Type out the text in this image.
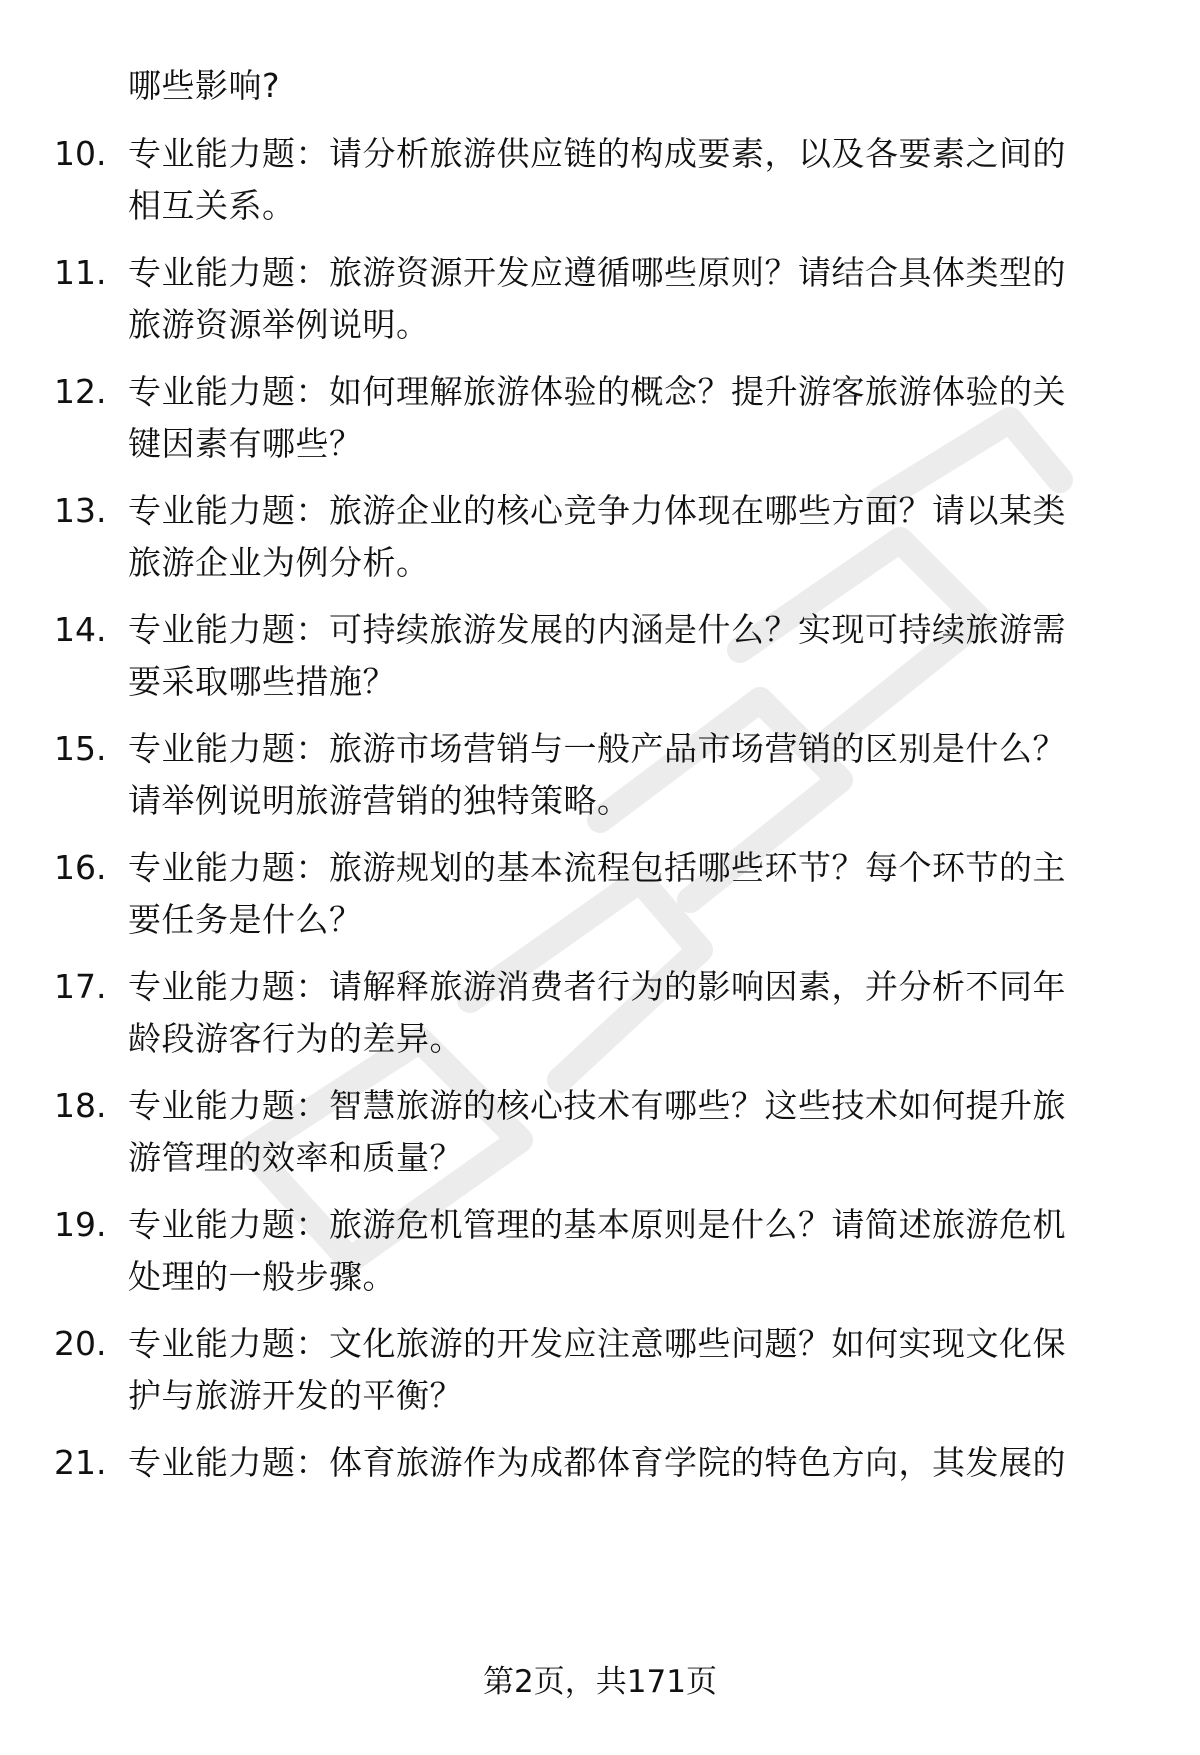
哪些影响?
10. 专业能力题：请分析旅游供应链的构成要素，以及各要素之间的
相互关系。
11. 专业能力题：旅游资源开发应遵循哪些原则？请结合具体类型的
旅游资源举例说明。
12. 专业能力题：如何理解旅游体验的概念？提升游客旅游体验的关
键因素有哪些？
13. 专业能力题：旅游企业的核心竞争力体现在哪些方面？请以某类
旅游企业为例分析。
14. 专业能力题：可持续旅游发展的内涵是什么？实现可持续旅游需
要采取哪些措施？
15. 专业能力题：旅游市场营销与一般产品市场营销的区别是什么？
请举例说明旅游营销的独特策略。
16. 专业能力题：旅游规划的基本流程包括哪些环节？每个环节的主
要任务是什么？
17. 专业能力题：请解释旅游消费者行为的影响因素，并分析不同年
龄段游客行为的差异。
18. 专业能力题：智慧旅游的核心技术有哪些？这些技术如何提升旅
游管理的效率和质量？
19. 专业能力题：旅游危机管理的基本原则是什么？请简述旅游危机
处理的一般步骤。
20. 专业能力题：文化旅游的开发应注意哪些问题？如何实现文化保
护与旅游开发的平衡？
21. 专业能力题：体育旅游作为成都体育学院的特色方向，其发展的
第2页，共171页
